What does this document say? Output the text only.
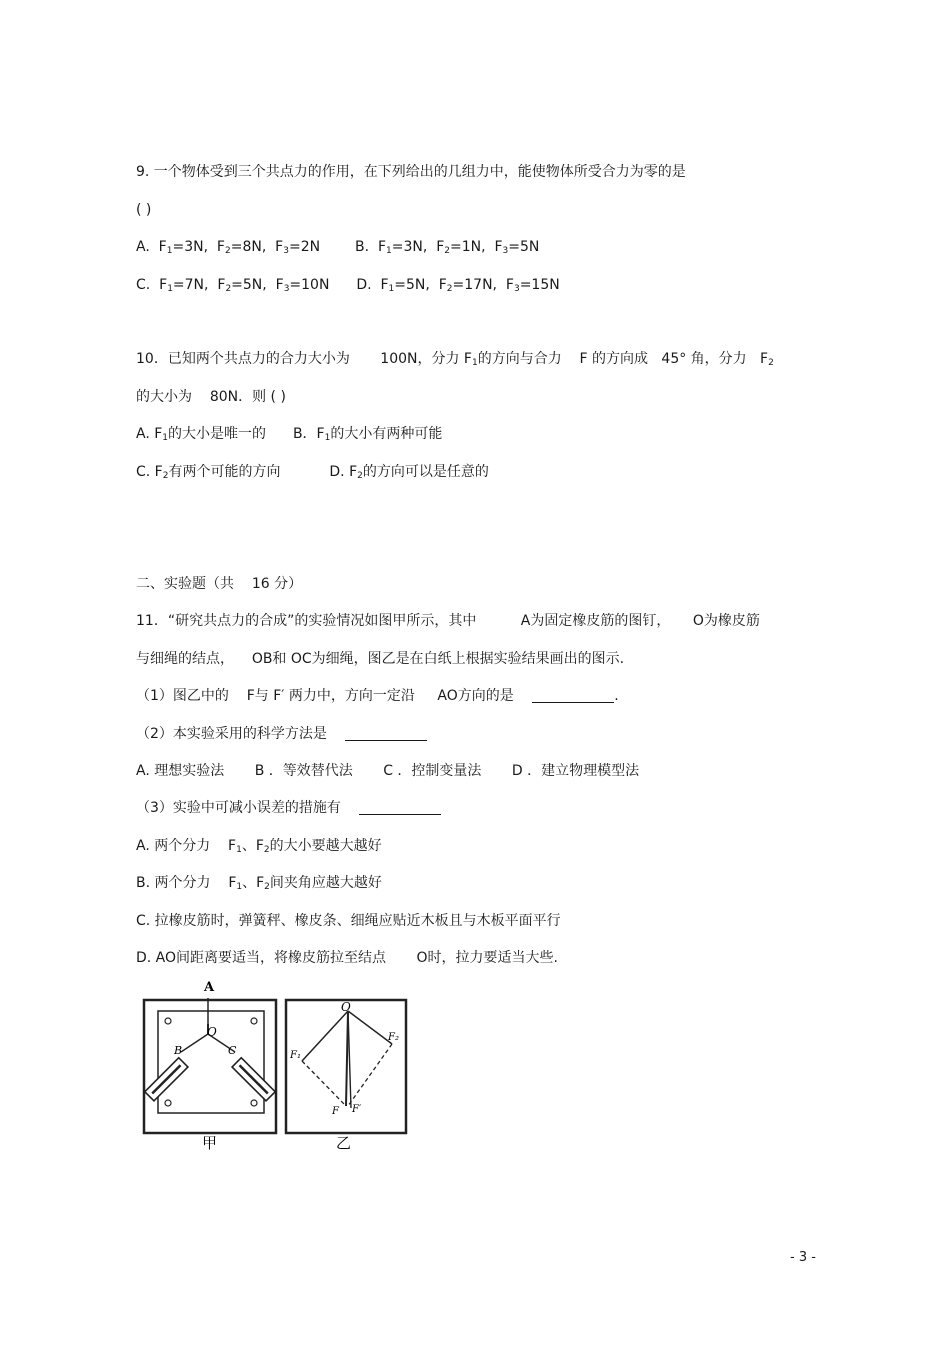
9. 一个物体受到三个共点力的作用，在下列给出的几组力中，能使物体所受合力为零的是
( )
A.  $F_1=3N$,  $F_2=8N$,  $F_3=2N$ B.  $F_1=3N$,  $F_2=1N$,  $F_3=5N$
C.  $F_1=7N$,  $F_2=5N$,  $F_3=10N$ D.  $F_1=5N$,  $F_2=17N$,  $F_3=15N$
10．已知两个共点力的合力大小为 100N，分力 $F_1$的方向与合力 F 的方向成 45° 角，分力 $F_2$
的大小为 80N．则 ( )
A. $F_1$的大小是唯一的 B．$F_1$的大小有两种可能
C. $F_2$有两个可能的方向	D. $F_2$的方向可以是任意的
二、实验题（共 16 分）
11．“研究共点力的合成”的实验情况如图甲所示，其中	A为固定橡皮筋的图钉， O为橡皮筋
与细绳的结点， OB和 OC为细绳，图乙是在白纸上根据实验结果画出的图示.
（1）图乙中的 F与 F′ 两力中，方向一定沿 AO方向的是	.
（2）本实验采用的科学方法是
A. 理想实验法 B ．等效替代法 C ．控制变量法 D ．建立物理模型法
（3）实验中可减小误差的措施有
A. 两个分力    $F_1$、$F_2$的大小要越大越好
B. 两个分力    $F_1$、$F_2$间夹角应越大越好
C. 拉橡皮筋时，弹簧秤、橡皮条、细绳应贴近木板且与木板平面平行
D. AO间距离要适当，将橡皮筋拉至结点 O时，拉力要适当大些.
A
O
B	C
甲
O
F₁
F₂
F F′
乙
- 3 -
